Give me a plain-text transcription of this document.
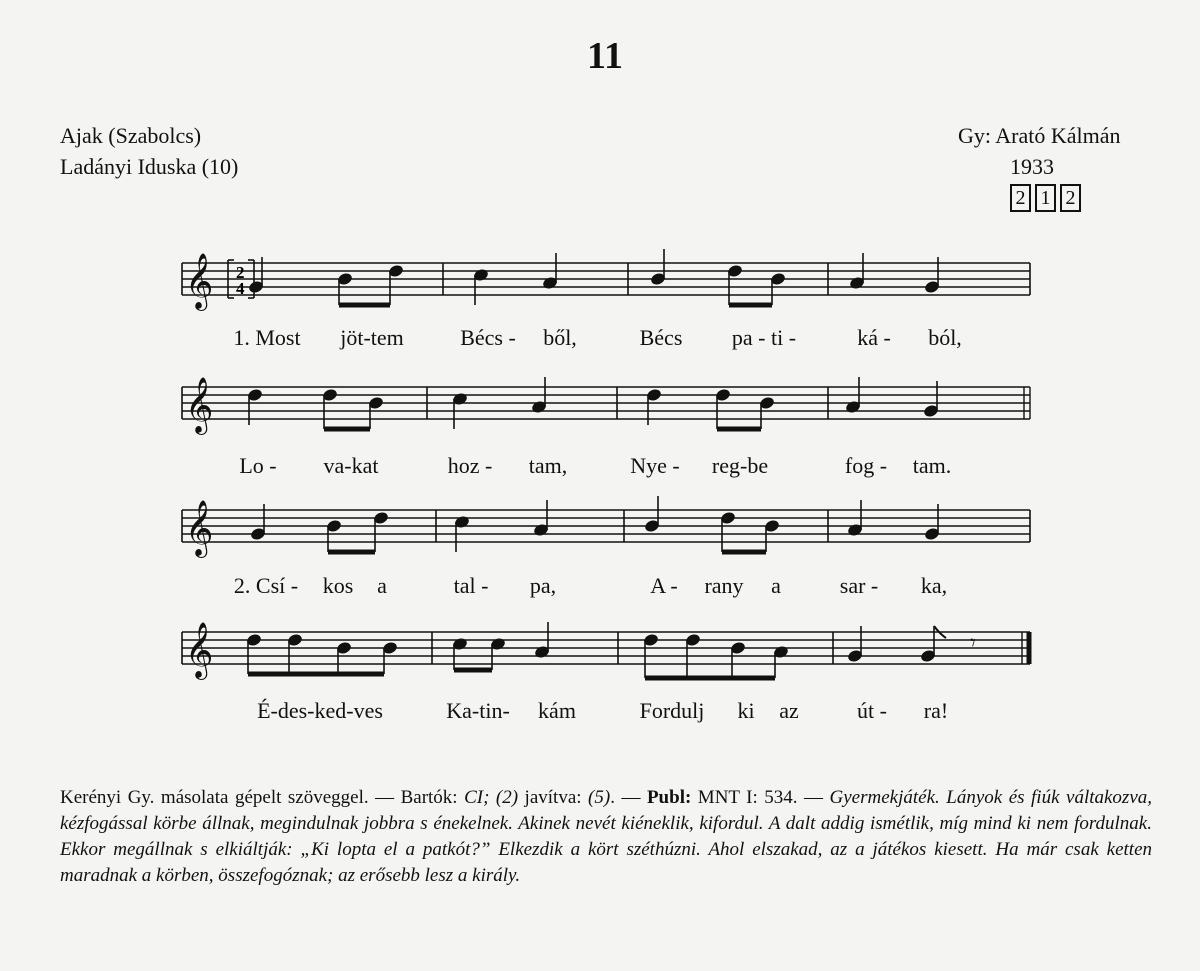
11
Ajak (Szabolcs)
Ladányi Iduska (10)
Gy: Arató Kálmán
1933
2 1 2
𝄞 2
4
𝄞
𝄞
𝄞	𝄾
1. Most jöt-tem	Bécs - ből,	Bécs pa - ti -	ká - ból,
Lo - va-kat	hoz - tam,	Nye - reg-be	fog - tam.
2. Csí - kos a	tal - pa,	A - rany a	sar - ka,
É-des-ked-ves	Ka-tin- kám	Fordulj ki az	út - ra!
Kerényi Gy. másolata gépelt szöveggel. — Bartók: CI; (2) javítva: (5). — Publ: MNT I: 534. — Gyermekjáték. Lányok és fiúk váltakozva, kézfogással körbe állnak, megindulnak jobbra s énekelnek. Akinek nevét kiéneklik, kifordul. A dalt addig ismétlik, míg mind ki nem fordulnak. Ekkor megállnak s elkiáltják: „Ki lopta el a patkót?” Elkezdik a kört széthúzni. Ahol elszakad, az a játékos kiesett. Ha már csak ketten maradnak a körben, összefogóznak; az erősebb lesz a király.
